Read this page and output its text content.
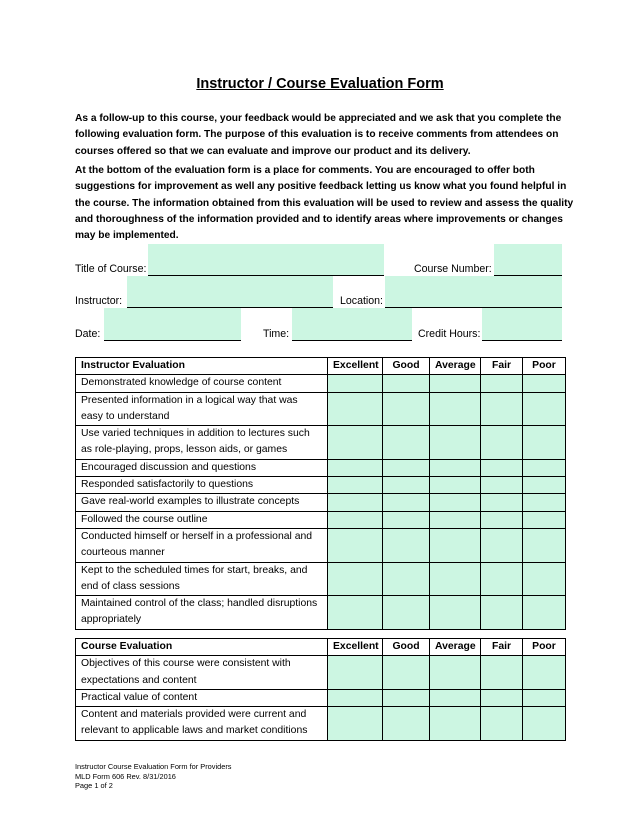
Instructor / Course Evaluation Form
As a follow-up to this course, your feedback would be appreciated and we ask that you complete the following evaluation form. The purpose of this evaluation is to receive comments from attendees on courses offered so that we can evaluate and improve our product and its delivery.
At the bottom of the evaluation form is a place for comments. You are encouraged to offer both suggestions for improvement as well any positive feedback letting us know what you found helpful in the course. The information obtained from this evaluation will be used to review and assess the quality and thoroughness of the information provided and to identify areas where improvements or changes may be implemented.
Title of Course:	Course Number:
Instructor:	Location:
Date:	Time:	Credit Hours:
Instructor Evaluation	Excellent	Good	Average	Fair	Poor
Demonstrated knowledge of course content					
Presented information in a logical way that was easy to understand					
Use varied techniques in addition to lectures such as role-playing, props, lesson aids, or games					
Encouraged discussion and questions					
Responded satisfactorily to questions					
Gave real-world examples to illustrate concepts					
Followed the course outline					
Conducted himself or herself in a professional and courteous manner					
Kept to the scheduled times for start, breaks, and end of class sessions					
Maintained control of the class; handled disruptions appropriately					
Course Evaluation	Excellent	Good	Average	Fair	Poor
Objectives of this course were consistent with expectations and content					
Practical value of content					
Content and materials provided were current and relevant to applicable laws and market conditions					
Instructor Course Evaluation Form for Providers
MLD Form 606 Rev. 8/31/2016
Page 1 of 2
